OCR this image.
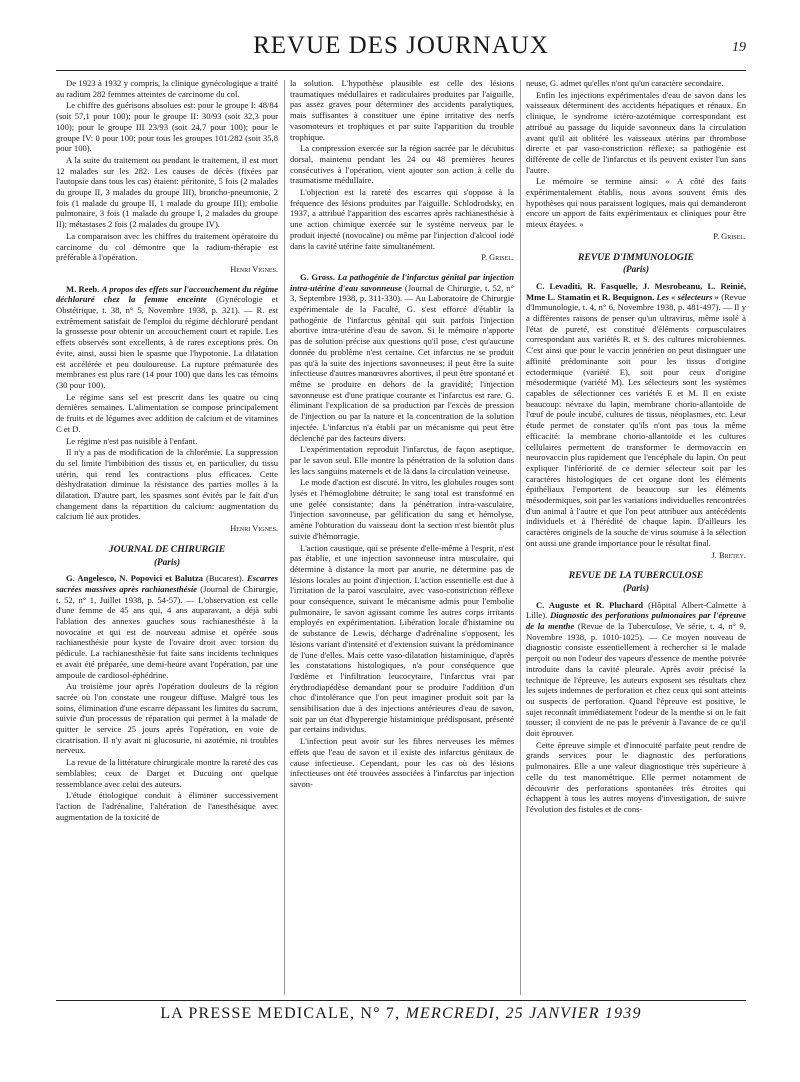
REVUE DES JOURNAUX	19

De 1923 à 1932 y compris, la clinique gynécologique a traité au radium 282 femmes atteintes de carcinome du col.

Le chiffre des guérisons absolues est: pour le groupe I: 48/84 (soit 57,1 pour 100); pour le groupe II: 30/93 (soit 32,3 pour 100); pour le groupe III 23/93 (soit 24,7 pour 100); pour le groupe IV: 0 pour 100; pour tous les groupes 101/282 (soit 35,8 pour 100).

A la suite du traitement ou pendant le traitement, il est mort 12 malades sur les 282. Les causes de décès (fixées par l'autopsie dans tous les cas) étaient: péritonite, 5 fois (2 malades du groupe II, 3 malades du groupe III), broncho-pneumonie, 2 fois (1 malade du groupe II, 1 malade du groupe III); embolie pulmonaire, 3 fois (1 malade du groupe I, 2 malades du groupe II); métastases 2 fois (2 malades du groupe IV).

La comparaison avec les chiffres du traitement opératoire du carcinome du col démontre que la radium-thérapie est préférable à l'opération.

Henri Vignes.

M. Reeb. A propos des effets sur l'accouchement du régime déchloruré chez la femme enceinte (Gynécologie et Obstétrique, t. 38, n° 5, Novembre 1938, p. 321). — R. est extrêmement satisfait de l'emploi du régime déchloruré pendant la grossesse pour obtenir un accouchement court et rapide. Les effets observés sont excellents, à de rares exceptions près. On évite, ainsi, aussi bien le spasme que l'hypotonie. La dilatation est accélérée et peu douloureuse. La rupture prématurée des membranes est plus rare (14 pour 100) que dans les cas témoins (30 pour 100).

Le régime sans sel est prescrit dans les quatre ou cinq dernières semaines. L'alimentation se compose principalement de fruits et de légumes avec addition de calcium et de vitamines C et D.

Le régime n'est pas nuisible à l'enfant.

Il n'y a pas de modification de la chlorémie. La suppression du sel limite l'imbibition des tissus et, en particulier, du tissu utérin, qui rend les contractions plus efficaces. Cette déshydratation diminue la résistance des parties molles à la dilatation. D'autre part, les spasmes sont évités par le fait d'un changement dans la répartition du calcium: augmentation du calcium lié aux protides.

Henri Vignes.

JOURNAL DE CHIRURGIE

(Paris)

G. Angelesco, N. Popovici et Balutza (Bucarest). Escarres sacrées massives après rachianesthésie (Journal de Chirurgie, t. 52, n° 1, Juillet 1938, p. 54-57). — L'observation est celle d'une femme de 45 ans qui, 4 ans auparavant, a déjà subi l'ablation des annexes gauches sous rachianesthésie à la novocaïne et qui est de nouveau admise et opérée sous rachianesthésie pour kyste de l'ovaire droit avec torsion du pédicule. La rachianesthésie fut faite sans incidents techniques et avait été préparée, une demi-heure avant l'opération, par une ampoule de cardiosol-éphédrine.

Au troisième jour après l'opération douleurs de la région sacrée où l'on constate une rougeur diffuse. Malgré tous les soins, élimination d'une escarre dépassant les limites du sacrum, suivie d'un processus de réparation qui permet à la malade de quitter le service 25 jours après l'opération, en voie de cicatrisation. Il n'y avait ni glucosurie, ni azotémie, ni troubles nerveux.

La revue de la littérature chirurgicale montre la rareté des cas semblables; ceux de Darget et Ducuing ont quelque ressemblance avec celui des auteurs.

L'étude étiologique conduit à éliminer successivement l'action de l'adrénaline, l'altération de l'anesthésique avec augmentation de la toxicité de

la solution. L'hypothèse plausible est celle des lésions traumatiques médullaires et radiculaires produites par l'aiguille, pas assez graves pour déterminer des accidents paralytiques, mais suffisantes à constituer une épine irritative des nerfs vasomoteurs et trophiques et par suite l'apparition du trouble trophique.

La compression exercée sur la région sacrée par le décubitus dorsal, maintenu pendant les 24 ou 48 premières heures consécutives à l'opération, vient ajouter son action à celle du traumatisme médullaire.

L'objection est la rareté des escarres qui s'oppose à la fréquence des lésions produites par l'aiguille. Schlodrodsky, en 1937, a attribué l'apparition des escarres après rachianesthésie à une action chimique exercée sur le système nerveux par le produit injecté (novocaïne) ou même par l'injection d'alcool iodé dans la cavité utérine faite simultanément.

P. Grisel.

G. Gross. La pathogénie de l'infarctus génital par injection intra-utérine d'eau savonneuse (Journal de Chirurgie, t. 52, n° 3, Septembre 1938, p. 311-330). — Au Laboratoire de Chirurgie expérimentale de la Faculté, G. s'est efforcé d'établir la pathogénie de l'infarctus génital qui suit parfois l'injection abortive intra-utérine d'eau de savon. Si le mémoire n'apporte pas de solution précise aux questions qu'il pose, c'est qu'aucune donnée du problème n'est certaine. Cet infarctus ne se produit pas qu'à la suite des injections savonneuses; il peut être la suite infectieuse d'autres manœuvres abortives, il peut être spontané et même se produire en dehors de la gravidité; l'injection savonneuse est d'une pratique courante et l'infarctus est rare. G. éliminant l'explication de sa production par l'excès de pression de l'injection ou par la nature et la concentration de la solution injectée. L'infarctus n'a établi par un mécanisme qui peut être déclenché par des facteurs divers.

L'expérimentation reproduit l'infarctus, de façon aseptique, par le savon seul. Elle montre la pénétration de la solution dans les lacs sanguins maternels et de là dans la circulation veineuse.

Le mode d'action est discuté. In vitro, les globules rouges sont lysés et l'hémoglobine détruite; le sang total est transformé en une gelée consistante; dans la pénétration intra-vasculaire, l'injection savonneuse, par gélification du sang et hémolyse, amène l'obturation du vaisseau dont la section n'est bientôt plus suivie d'hémorragie.

L'action caustique, qui se présente d'elle-même à l'esprit, n'est pas établie, et une injection savonneuse intra musculaire, qui détermine à distance la mort par anurie, ne détermine pas de lésions locales au point d'injection. L'action essentielle est due à l'irritation de la paroi vasculaire, avec vaso-constriction réflexe pour conséquence, suivant le mécanisme admis pour l'embolie pulmonaire, le savon agissant comme les autres corps irritants employés en expérimentation. Libération locale d'histamine ou de substance de Lewis, décharge d'adrénaline s'opposent, les lésions variant d'intensité et d'extension suivant la prédominance de l'une d'elles. Mais cette vaso-dilatation histaminique, d'après les constatations histologiques, n'a pour conséquence que l'œdème et l'infiltration leucocytaire, l'infarctus vrai par érythrodiapédèse demandant pour se produire l'addition d'un choc d'intolérance que l'on peut imaginer produit soit par la sensibilisation due à des injections antérieures d'eau de savon, soit par un état d'hyperergie histaminique prédisposant, présenté par certains individus.

L'infection peut avoir sur les fibres nerveuses les mêmes effets que l'eau de savon et il existe des infarctus génitaux de cause infectieuse. Cependant, pour les cas où des lésions infectieuses ont été trouvées associées à l'infarctus par injection savon-

neuse, G. admet qu'elles n'ont qu'un caractère secondaire.

Enfin les injections expérimentales d'eau de savon dans les vaisseaux déterminent des accidents hépatiques et rénaux. En clinique, le syndrome ictéro-azotémique correspondant est attribué au passage du liquide savonneux dans la circulation avant qu'il ait oblitéré les vaisseaux utérins par thrombose directe et par vaso-constriction réflexe; sa pathogénie est différente de celle de l'infarctus et ils peuvent exister l'un sans l'autre.

Le mémoire se termine ainsi: « A côté des faits expérimentalement établis, nous avons souvent émis des hypothèses qui nous paraissent logiques, mais qui demanderont encore un apport de faits expérimentaux et cliniques pour être mieux étayées. »

P. Grisel.

REVUE D'IMMUNOLOGIE

(Paris)

C. Levaditi, R. Fasquelle, J. Mesrobeanu, L. Reinié, Mme L. Stamatin et R. Bequignon. Les « sélecteurs » (Revue d'Immunologie, t. 4, n° 6, Novembre 1938, p. 481-497). — Il y a différentes raisons de penser qu'un ultravirus, même isolé à l'état de pureté, est constitué d'éléments corpusculaires correspondant aux variétés R. et S. des cultures microbiennes. C'est ainsi que pour le vaccin jennérien on peut distinguer une affinité prédominante soit pour les tissus d'origine ectodermique (variété E), soit pour ceux d'origine mésodermique (variété M). Les sélecteurs sont les systèmes capables de sélectionner ces variétés E et M. Il en existe beaucoup: névraxe du lapin, membrane chorio-allantoïde de l'œuf de poule incubé, cultures de tissus, néoplasmes, etc. Leur étude permet de constater qu'ils n'ont pas tous la même efficacité: la membrane chorio-allantoïde et les cultures cellulaires permettent de transformer le dermovaccin en neurovaccin plus rapidement que l'encéphale du lapin. On peut expliquer l'infériorité de ce dernier sélecteur soit par les caractères histologiques de cet organe dont les éléments épithéliaux l'emportent de beaucoup sur les éléments mésodermiques, soit par les variations individuelles rencontrées d'un animal à l'autre et que l'on peut attribuer aux antécédents individuels et à l'hérédité de chaque lapin. D'ailleurs les caractères originels de la souche de virus soumise à la sélection ont aussi une grande importance pour le résultat final.

J. Bretey.

REVUE DE LA TUBERCULOSE

(Paris)

C. Auguste et R. Pluchard (Hôpital Albert-Calmette à Lille). Diagnostic des perforations pulmonaires par l'épreuve de la menthe (Revue de la Tuberculose, Ve série, t. 4, n° 9, Novembre 1938, p. 1010-1025). — Ce moyen nouveau de diagnostic consiste essentiellement à rechercher si le malade perçoit ou non l'odeur des vapeurs d'essence de menthe poivrée introduite dans la cavité pleurale. Après avoir précisé la technique de l'épreuve, les auteurs exposent ses résultats chez les sujets indemnes de perforation et chez ceux qui sont atteints ou suspects de perforation. Quand l'épreuve est positive, le sujet reconnaît immédiatement l'odeur de la menthe si on le fait tousser; il convient de ne pas le prévenir à l'avance de ce qu'il doit éprouver.

Cette épreuve simple et d'innocuité parfaite peut rendre de grands services pour le diagnostic des perforations pulmonaires. Elle a une valeur diagnostique très supérieure à celle du test manométrique. Elle permet notamment de découvrir des perforations spontanées très étroites qui échappent à tous les autres moyens d'investigation, de suivre l'évolution des fistules et de cons-

LA PRESSE MEDICALE, N° 7, MERCREDI, 25 JANVIER 1939
